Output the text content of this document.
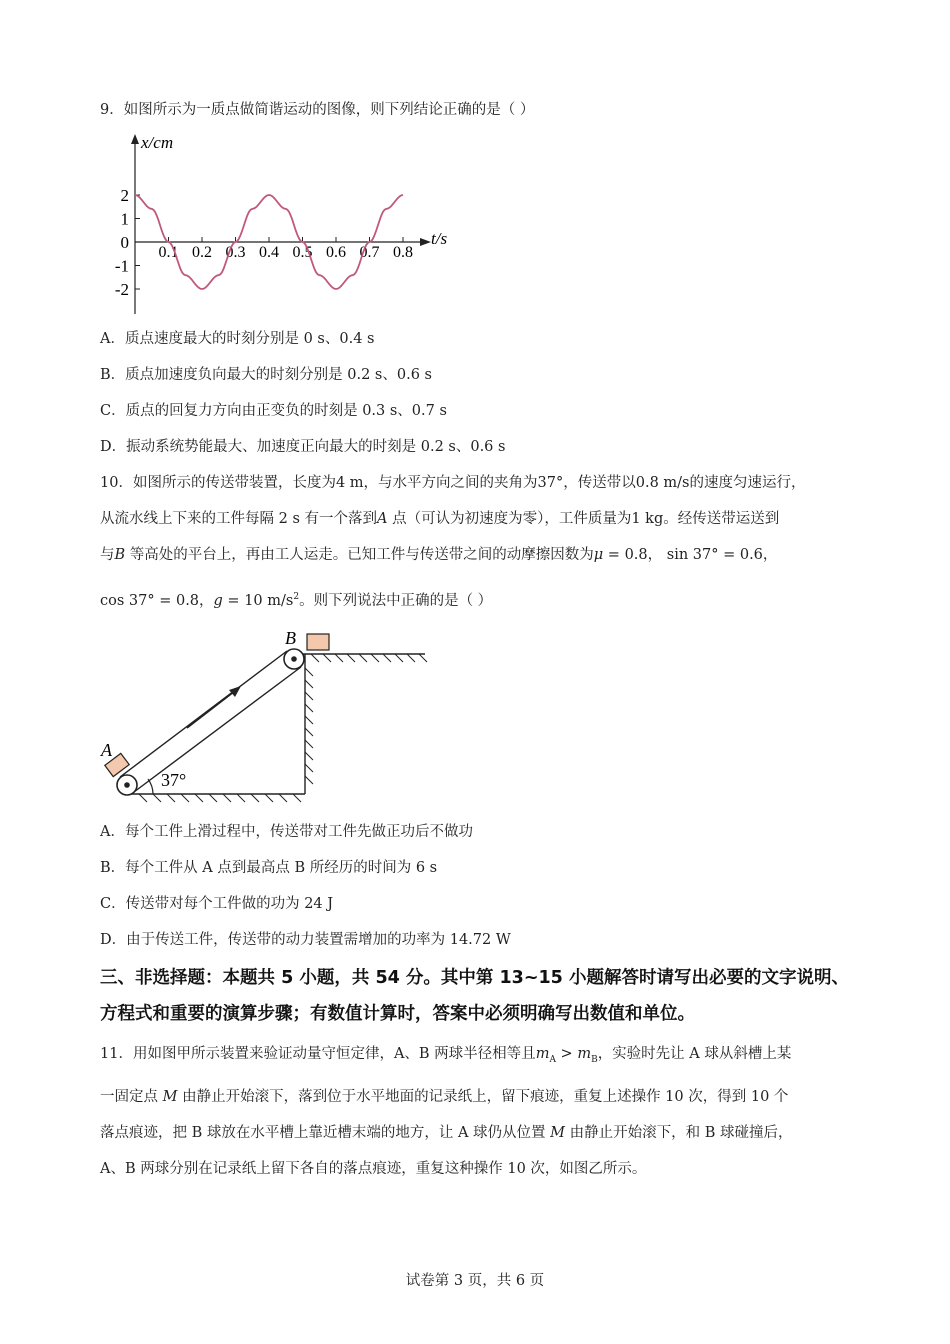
9．如图所示为一质点做简谐运动的图像，则下列结论正确的是（ ）
x/cm
t/s
2
1
0
-1
-2
0.1 0.2 0.3 0.4 0.5 0.6 0.7 0.8
A．质点速度最大的时刻分别是 0 s、0.4 s
B．质点加速度负向最大的时刻分别是 0.2 s、0.6 s
C．质点的回复力方向由正变负的时刻是 0.3 s、0.7 s
D．振动系统势能最大、加速度正向最大的时刻是 0.2 s、0.6 s
10．如图所示的传送带装置，长度为4 m，与水平方向之间的夹角为37°，传送带以0.8 m/s的速度匀速运行，
从流水线上下来的工件每隔 2 s 有一个落到A 点（可认为初速度为零），工件质量为1 kg。经传送带运送到
与B 等高处的平台上，再由工人运走。已知工件与传送带之间的动摩擦因数为μ = 0.8， sin 37° = 0.6，
cos 37° = 0.8，g = 10 $m/s^2$。则下列说法中正确的是（ ）
A
B
37°
A．每个工件上滑过程中，传送带对工件先做正功后不做功
B．每个工件从 A 点到最高点 B 所经历的时间为 6 s
C．传送带对每个工件做的功为 24 J
D．由于传送工件，传送带的动力装置需增加的功率为 14.72 W
三、非选择题：本题共 5 小题，共 54 分。其中第 13~15 小题解答时请写出必要的文字说明、
方程式和重要的演算步骤；有数值计算时，答案中必须明确写出数值和单位。
11．用如图甲所示装置来验证动量守恒定律，A、B 两球半径相等且$m_A > m_B$，实验时先让 A 球从斜槽上某
一固定点 M 由静止开始滚下，落到位于水平地面的记录纸上，留下痕迹，重复上述操作 10 次，得到 10 个
落点痕迹，把 B 球放在水平槽上靠近槽末端的地方，让 A 球仍从位置 M 由静止开始滚下，和 B 球碰撞后，
A、B 两球分别在记录纸上留下各自的落点痕迹，重复这种操作 10 次，如图乙所示。
试卷第 3 页，共 6 页
